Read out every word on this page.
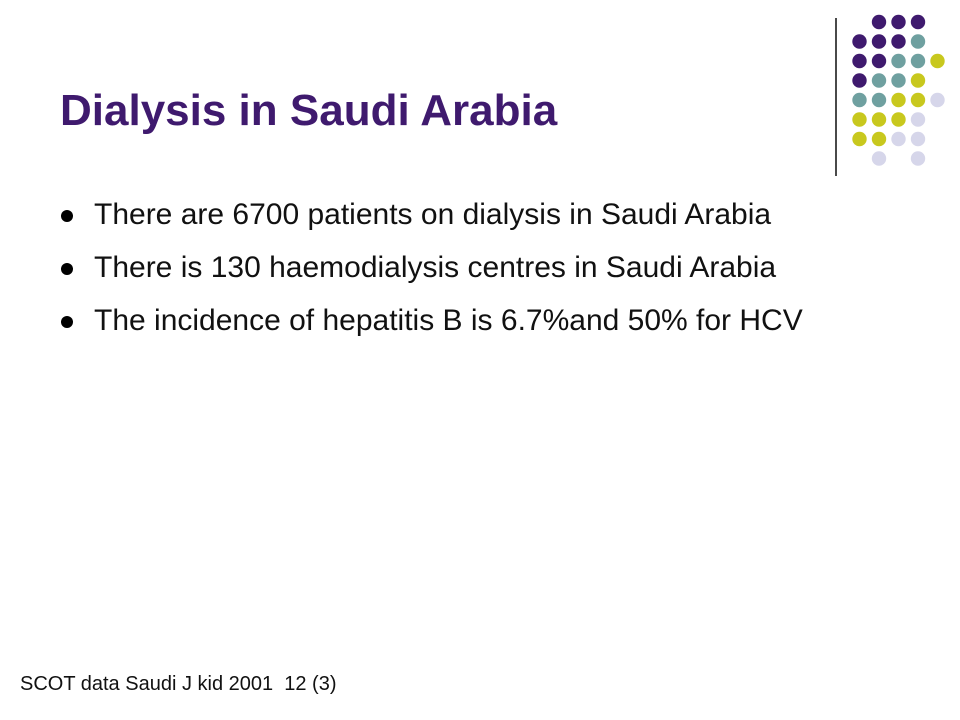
Dialysis in Saudi Arabia
There are 6700 patients on dialysis in Saudi Arabia
There is 130 haemodialysis centres in Saudi Arabia
The incidence of hepatitis B is 6.7%and 50% for HCV
SCOT data Saudi J kid 2001  12 (3)
